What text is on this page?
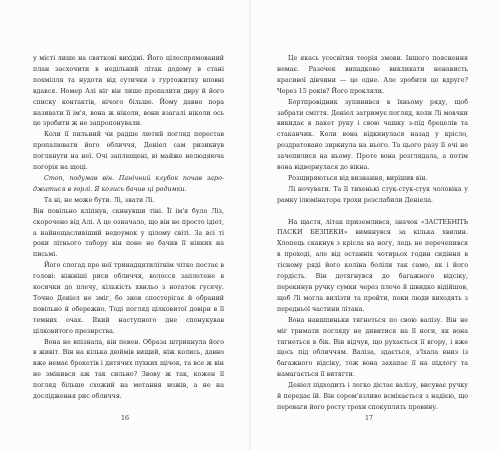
у місті лише на святкові вихідні. Його цілеспрямований план засхочити в недільний лiтак додому в стані похмілля та нудоти від сутички з гуртожитку вповні вдався. Номер Алі ніг він лише пропалити двру й його списку контактів, нічого більше. Йому давно пора називати її ім'я, вона ж ніколи, вони взагалі ніколи ось це зробити ж не запропонували.

Коли її пильний чи радше лютий погляд перестав пропалювати його обличчя, Деніел сам ризикнув поглянути на неї. Очі заплющені, ві майже нелюдяюча погорія на щоці.

Стоп, подумав він. Панічний клубок почав зароджатися в горлі. Я колись бачив ці родимки.

Та ні, не може бути. Лі, звати Лі.

Він повільно кліпнув, скинувши тіні. Її ім'я було Ліз, скорочено від Алі. А це означало, що він не просто ідіот, а найнещасливіший недоумок у цілому світі. За всі ті роки літнього табору він поне не бачив її ніяких на письмі.

Його спогад про неї тринадцятилітнім чітко постає в голові: ніжніші риси обличчя, волосся заплетене в косички до плечу, кількість хвильо з нотаток гусячу. Точно Деніел не зміг, бо знов спостерігає й обраний повільно й обережно. Тоді погляд цілковитої довіри в її темних очах. Який наступного дне спонукував цілковитого презирства.

Вона не впізнала, він певен. Образа штрикнула його в живіт. Він на кілька дюймів вищий, ніж колись, давно вже немає брекетів і дитячих пухких щічок, та все ж він не змінився аж так сильно? Звову ж так, кожен її погляд більше схожий на метання ножів, а не на дослідження рис обличчя.

16

Це якась усесвітня теорія змови. Іншого пояснення немає. Разочек випадково викликати ненависть красивої дівчини — це одне. Але зробити це вдруге? Через 15 років? Його прокляли.

Бортпровідник зупинився в їхньому ряду, щоб забрати сміття. Деніел затримує погляд, коли Лі мовчки викидає в пакет руку і свою чашку з-під брецелів та стаканчик. Коли вона відкинулася назад у крісло, роздратовано зиркнула на нього. Та цього разу її очі не зачепилися на ньому. Проте вона розглядала, а потім вона відвернулася до вікна.

Розщиряються від визнання, вирішив він.

Лі ночувати. Та її тихенькі стук-стук-стук чоловіка у рамку ілюмінатора трохи розслабили Деніела.

На щастя, літак приземлився, значок «ЗАСТЕБНІТЬ ПАСКИ БЕЗПЕКИ» вимкнувся за кілька хвилин. Хлопець скакнув з крісла на ногу, ледь не перечепився в проході, але від останніх чотирьох годин сидіння в тісному ряді його коліна боліли так само, як і його гордість. Він дотягнувся до багажного відсіку, перекинув ручку сумки через плече й швидко відійшов, щоб Лі могла вилізти та пройти, поки люди виходять з передньої частини літака.

Вона навшпиньки тягнеться по свою валізу. Він не міг тримати погляду не дивитися на її ноги, як вона тягнеться в бік. Він відчув, що рухається її вгору, і вже щось під обличчям. Валіза, здається, з'їхала вниз із багажного відсіку, тож вона захапає її на підлогу та намагається її витягти.

Деніел підходить і легко дістає валізу, висуває ручку й передає їй. Він сором'язливо всміхається з надією, що переваги його росту трохи спокуплять провину.

17
